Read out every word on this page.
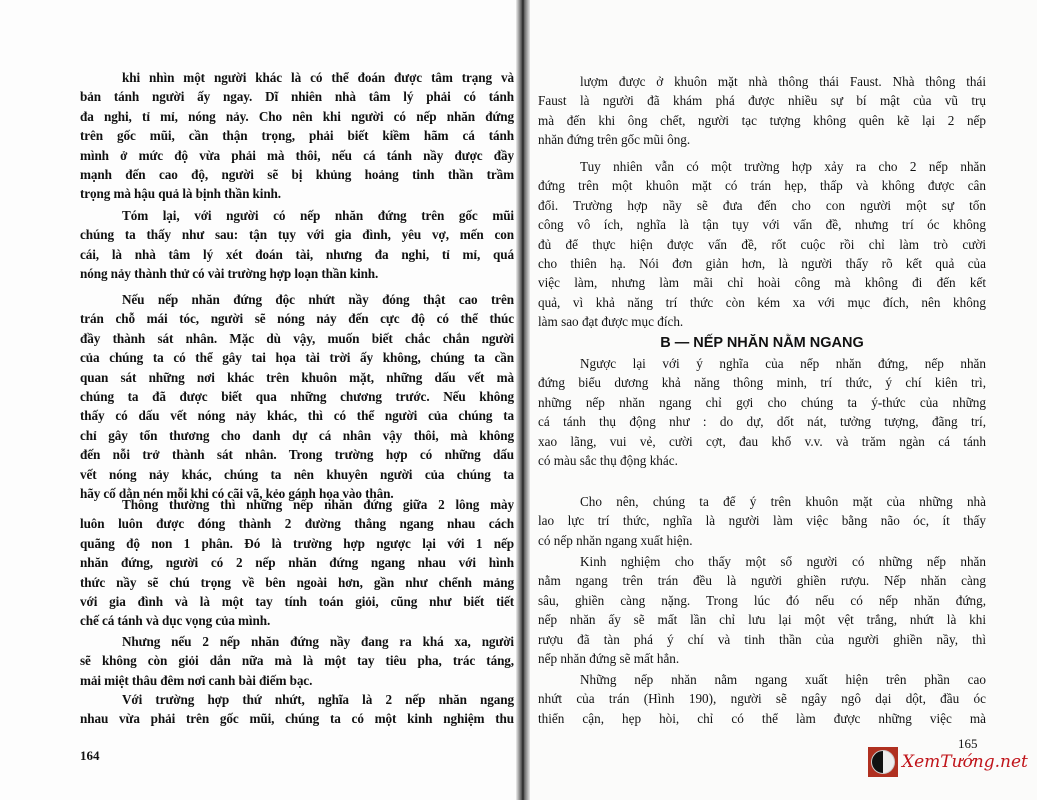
khi nhìn một người khác là có thể đoán được tâm trạng và
bản tánh người ấy ngay. Dĩ nhiên nhà tâm lý phải có tánh
đa nghi, tỉ mỉ, nóng nảy. Cho nên khi người có nếp nhăn đứng
trên gốc mũi, cần thận trọng, phải biết kiềm hãm cá tánh
mình ở mức độ vừa phải mà thôi, nếu cá tánh nầy được đầy
mạnh đến cao độ, người sẽ bị khủng hoảng tinh thần trầm
trọng mà hậu quả là bịnh thần kinh.
Tóm lại, với người có nếp nhăn đứng trên gốc mũi
chúng ta thấy như sau: tận tụy với gia đình, yêu vợ, mến con
cái, là nhà tâm lý xét đoán tài, nhưng đa nghi, tỉ mỉ, quá
nóng nảy thành thử có vài trường hợp loạn thần kinh.
Nếu nếp nhăn đứng độc nhứt nầy đóng thật cao trên
trán chỗ mái tóc, người sẽ nóng nảy đến cực độ có thể thúc
đầy thành sát nhân. Mặc dù vậy, muốn biết chắc chắn người
của chúng ta có thể gây tai họa tài trời ấy không, chúng ta cần
quan sát những nơi khác trên khuôn mặt, những dấu vết mà
chúng ta đã được biết qua những chương trước. Nếu không
thấy có dấu vết nóng nảy khác, thì có thể người của chúng ta
chỉ gây tổn thương cho danh dự cá nhân vậy thôi, mà không
đến nỗi trở thành sát nhân. Trong trường hợp có những dấu
vết nóng nảy khác, chúng ta nên khuyên người của chúng ta
hãy cố dằn nén mỗi khi có cãi vã, kẻo gánh họa vào thân.
Thông thường thì những nếp nhăn đứng giữa 2 lông mày
luôn luôn được đóng thành 2 đường thẳng ngang nhau cách
quãng độ non 1 phân. Đó là trường hợp ngược lại với 1 nếp
nhăn đứng, người có 2 nếp nhăn đứng ngang nhau với hình
thức nầy sẽ chú trọng về bên ngoài hơn, gần như chểnh mảng
với gia đình và là một tay tính toán giỏi, cũng như biết tiết
chế cá tánh và dục vọng của mình.
Nhưng nếu 2 nếp nhăn đứng nầy đang ra khá xa, người
sẽ không còn giỏi dắn nữa mà là một tay tiêu pha, trác táng,
mải miệt thâu đêm nơi canh bài điếm bạc.
Với trường hợp thứ nhứt, nghĩa là 2 nếp nhăn ngang
nhau vừa phải trên gốc mũi, chúng ta có một kinh nghiệm thu
B — NẾP NHĂN NẰM NGANG
lượm được ở khuôn mặt nhà thông thái Faust. Nhà thông thái
Faust là người đã khám phá được nhiều sự bí mật của vũ trụ
mà đến khi ông chết, người tạc tượng không quên kẽ lại 2 nếp
nhăn đứng trên gốc mũi ông.
Tuy nhiên vẫn có một trường hợp xảy ra cho 2 nếp nhăn
đứng trên một khuôn mặt có trán hẹp, thấp và không được cân
đối. Trường hợp nầy sẽ đưa đến cho con người một sự tốn
công vô ích, nghĩa là tận tụy với vấn đề, nhưng trí óc không
đủ để thực hiện được vấn đề, rốt cuộc rồi chỉ làm trò cười
cho thiên hạ. Nói đơn giản hơn, là người thấy rõ kết quả của
việc làm, nhưng làm mãi chỉ hoài công mà không đi đến kết
quả, vì khả năng trí thức còn kém xa với mục đích, nên không
làm sao đạt được mục đích.
Ngược lại với ý nghĩa của nếp nhăn đứng, nếp nhăn
đứng biểu dương khả năng thông minh, trí thức, ý chí kiên trì,
những nếp nhăn ngang chỉ gợi cho chúng ta ý-thức của những
cá tánh thụ động như : do dự, dốt nát, tưởng tượng, đãng trí,
xao lãng, vui vẻ, cười cợt, đau khổ v.v. và trăm ngàn cá tánh
có màu sắc thụ động khác.
Cho nên, chúng ta để ý trên khuôn mặt của những nhà
lao lực trí thức, nghĩa là người làm việc bằng não óc, ít thấy
có nếp nhăn ngang xuất hiện.
Kinh nghiệm cho thấy một số người có những nếp nhăn
nằm ngang trên trán đều là người ghiền rượu. Nếp nhăn càng
sâu, ghiền càng nặng. Trong lúc đó nếu có nếp nhăn đứng,
nếp nhăn ấy sẽ mất lần chỉ lưu lại một vệt trắng, nhứt là khi
rượu đã tàn phá ý chí và tinh thần của người ghiền nầy, thì
nếp nhăn đứng sẽ mất hẳn.
Những nếp nhăn nằm ngang xuất hiện trên phần cao
nhứt của trán (Hình 190), người sẽ ngây ngô dại dột, đầu óc
thiển cận, hẹp hòi, chỉ có thể làm được những việc mà
164
165
XemTướng.net
